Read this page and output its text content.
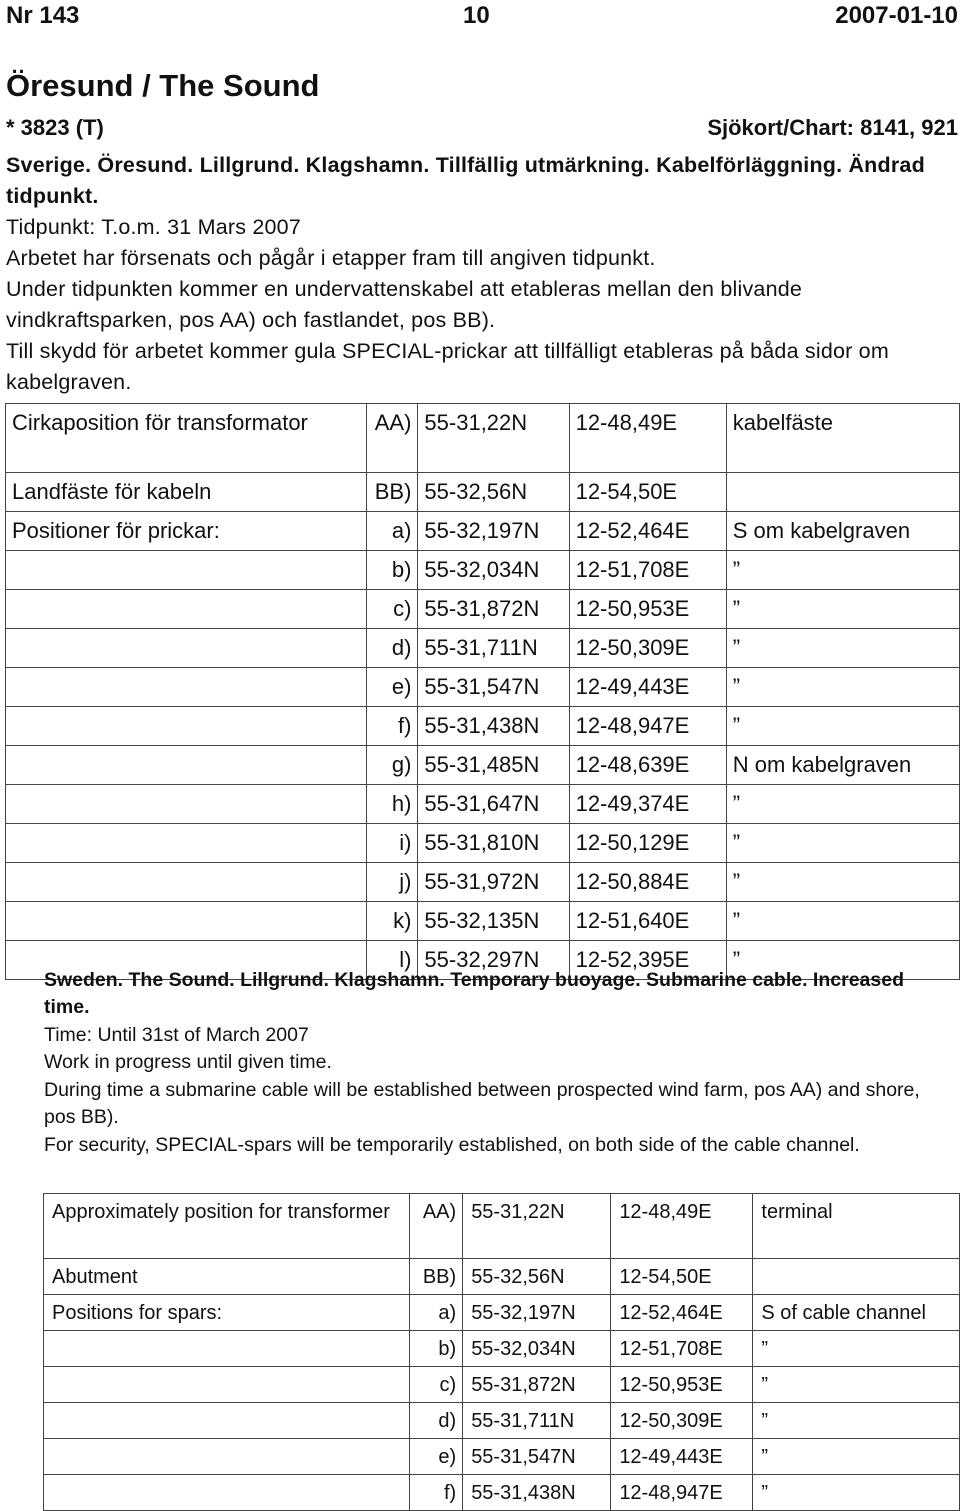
Nr 143	10	2007-01-10
Öresund / The Sound
* 3823 (T)	Sjökort/Chart: 8141, 921
Sverige. Öresund. Lillgrund. Klagshamn. Tillfällig utmärkning. Kabelförläggning. Ändrad tidpunkt.
Tidpunkt: T.o.m. 31 Mars 2007
Arbetet har försenats och pågår i etapper fram till angiven tidpunkt.
Under tidpunkten kommer en undervattenskabel att etableras mellan den blivande vindkraftsparken, pos AA) och fastlandet, pos BB).
Till skydd för arbetet kommer gula SPECIAL-prickar att tillfälligt etableras på båda sidor om kabelgraven.
Cirkaposition för transformator	AA)	55-31,22N	12-48,49E	kabelfäste
Landfäste för kabeln	BB)	55-32,56N	12-54,50E	
Positioner för prickar:	a)	55-32,197N	12-52,464E	S om kabelgraven
	b)	55-32,034N	12-51,708E	”
	c)	55-31,872N	12-50,953E	”
	d)	55-31,711N	12-50,309E	”
	e)	55-31,547N	12-49,443E	”
	f)	55-31,438N	12-48,947E	”
	g)	55-31,485N	12-48,639E	N om kabelgraven
	h)	55-31,647N	12-49,374E	”
	i)	55-31,810N	12-50,129E	”
	j)	55-31,972N	12-50,884E	”
	k)	55-32,135N	12-51,640E	”
	l)	55-32,297N	12-52,395E	”
Sweden. The Sound. Lillgrund. Klagshamn. Temporary buoyage. Submarine cable. Increased time.
Time: Until 31st of March 2007
Work in progress until given time.
During time a submarine cable will be established between prospected wind farm, pos AA) and shore, pos BB).
For security, SPECIAL-spars will be temporarily established, on both side of the cable channel.
Approximately position for transformer	AA)	55-31,22N	12-48,49E	terminal
Abutment	BB)	55-32,56N	12-54,50E	
Positions for spars:	a)	55-32,197N	12-52,464E	S of cable channel
	b)	55-32,034N	12-51,708E	”
	c)	55-31,872N	12-50,953E	”
	d)	55-31,711N	12-50,309E	”
	e)	55-31,547N	12-49,443E	”
	f)	55-31,438N	12-48,947E	”
